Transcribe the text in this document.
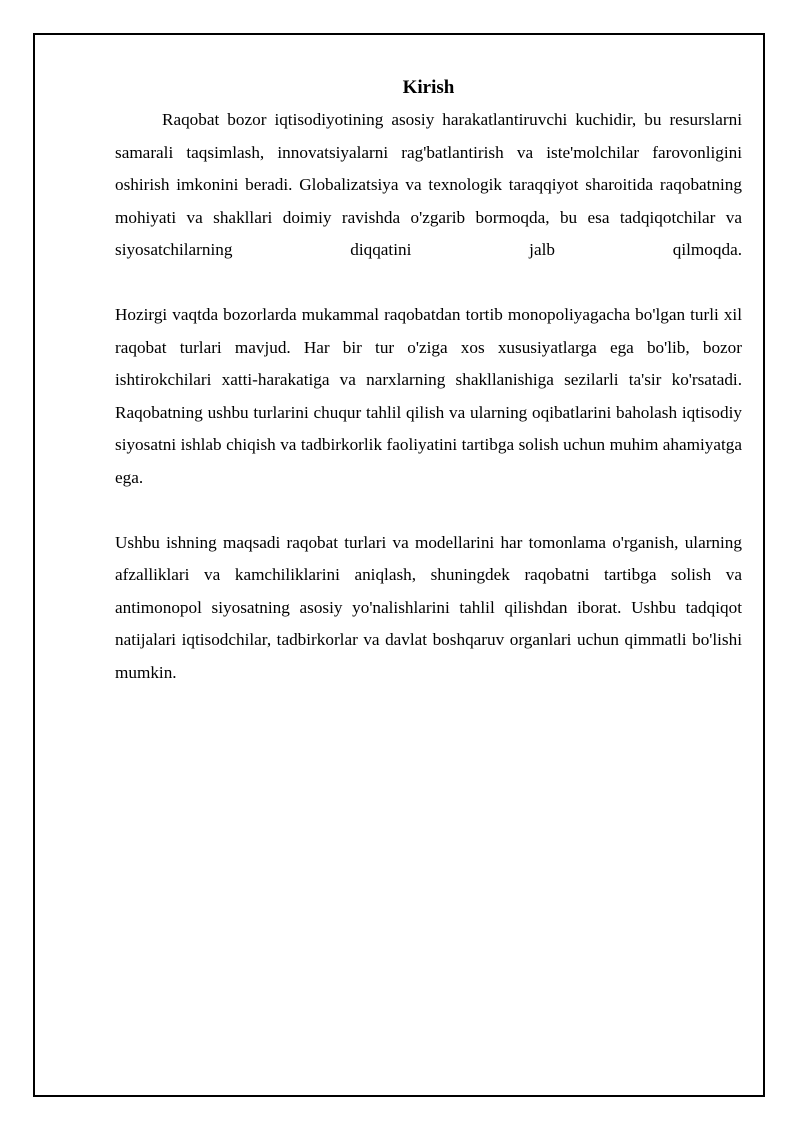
Kirish

Raqobat bozor iqtisodiyotining asosiy harakatlantiruvchi kuchidir, bu resurslarni samarali taqsimlash, innovatsiyalarni rag'batlantirish va iste'molchilar farovonligini oshirish imkonini beradi. Globalizatsiya va texnologik taraqqiyot sharoitida raqobatning mohiyati va shakllari doimiy ravishda o'zgarib bormoqda, bu esa tadqiqotchilar va siyosatchilarning diqqatini jalb qilmoqda.

Hozirgi vaqtda bozorlarda mukammal raqobatdan tortib monopoliyagacha bo'lgan turli xil raqobat turlari mavjud. Har bir tur o'ziga xos xususiyatlarga ega bo'lib, bozor ishtirokchilari xatti-harakatiga va narxlarning shakllanishiga sezilarli ta'sir ko'rsatadi. Raqobatning ushbu turlarini chuqur tahlil qilish va ularning oqibatlarini baholash iqtisodiy siyosatni ishlab chiqish va tadbirkorlik faoliyatini tartibga solish uchun muhim ahamiyatga ega.

Ushbu ishning maqsadi raqobat turlari va modellarini har tomonlama o'rganish, ularning afzalliklari va kamchiliklarini aniqlash, shuningdek raqobatni tartibga solish va antimonopol siyosatning asosiy yo'nalishlarini tahlil qilishdan iborat. Ushbu tadqiqot natijalari iqtisodchilar, tadbirkorlar va davlat boshqaruv organlari uchun qimmatli bo'lishi mumkin.
